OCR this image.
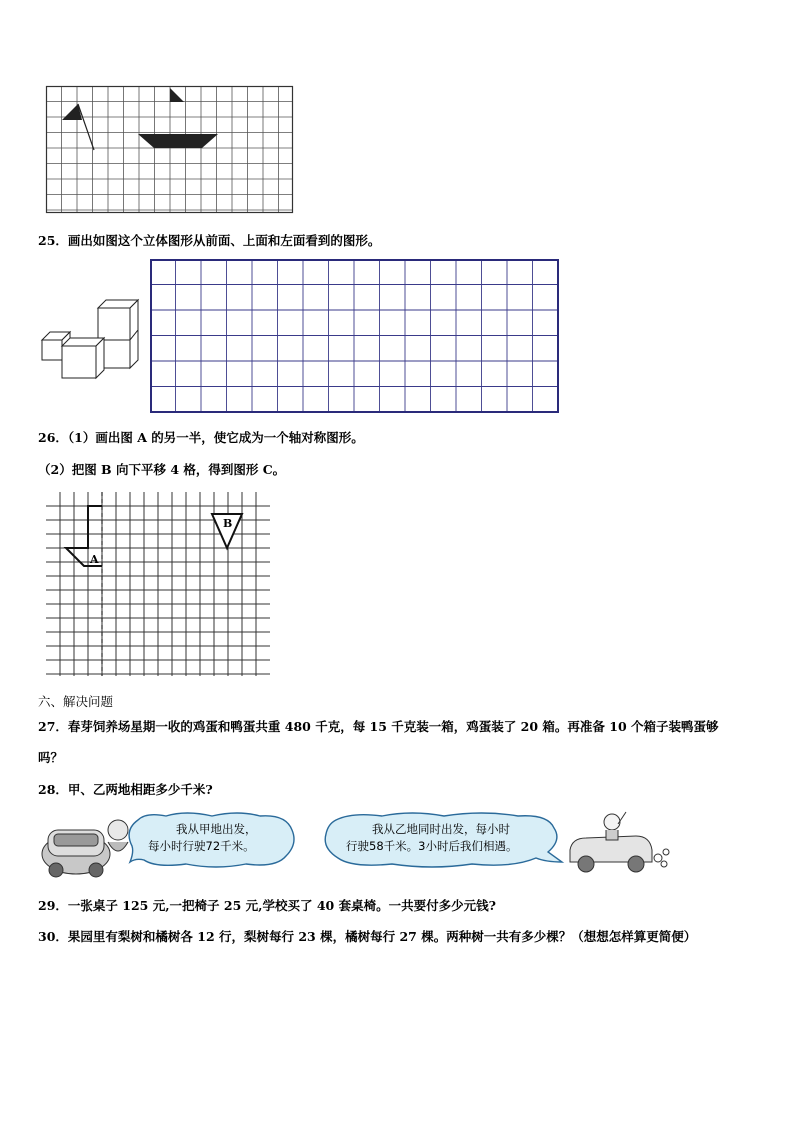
25．画出如图这个立体图形从前面、上面和左面看到的图形。
26．（1）画出图 A 的另一半，使它成为一个轴对称图形。
（2）把图 B 向下平移 4 格，得到图形 C。
A
B
六、解决问题
27．春芽饲养场星期一收的鸡蛋和鸭蛋共重 480 千克，每 15 千克装一箱，鸡蛋装了 20 箱。再准备 10 个箱子装鸭蛋够
吗？
28．甲、乙两地相距多少千米?
我从甲地出发，
每小时行驶72千米。
我从乙地同时出发，每小时
行驶58千米。3小时后我们相遇。
29．一张桌子 125 元,一把椅子 25 元,学校买了 40 套桌椅。一共要付多少元钱?
30．果园里有梨树和橘树各 12 行，梨树每行 23 棵，橘树每行 27 棵。两种树一共有多少棵？（想想怎样算更简便）
